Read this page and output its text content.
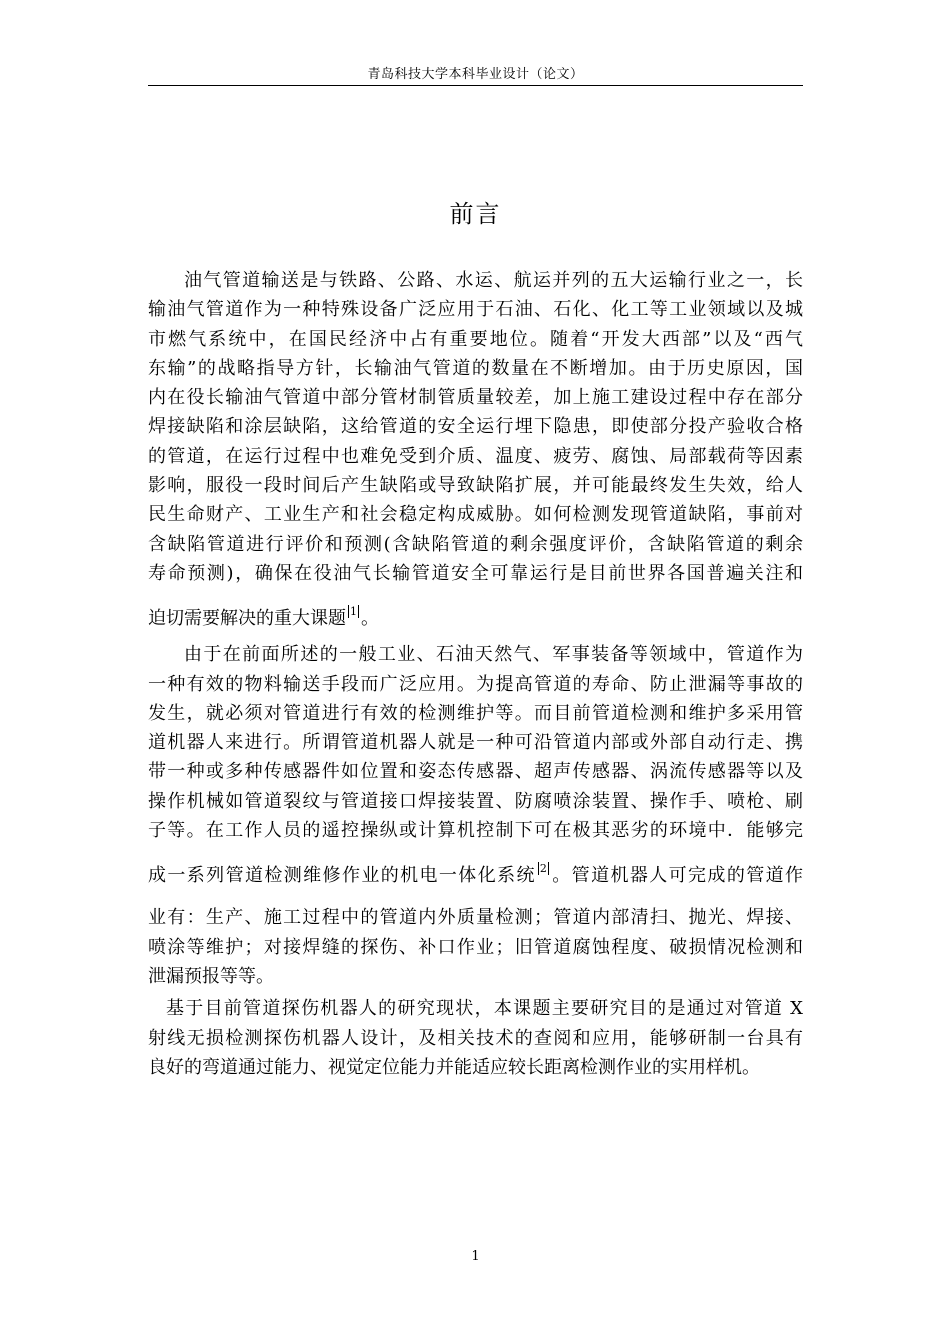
青岛科技大学本科毕业设计（论文）
前言

油气管道输送是与铁路、公路、水运、航运并列的五大运输行业之一，长
输油气管道作为一种特殊设备广泛应用于石油、石化、化工等工业领域以及城
市燃气系统中，在国民经济中占有重要地位。随着“开发大西部”以及“西气
东输”的战略指导方针，长输油气管道的数量在不断增加。由于历史原因，国
内在役长输油气管道中部分管材制管质量较差，加上施工建设过程中存在部分
焊接缺陷和涂层缺陷，这给管道的安全运行埋下隐患，即使部分投产验收合格
的管道，在运行过程中也难免受到介质、温度、疲劳、腐蚀、局部载荷等因素
影响，服役一段时间后产生缺陷或导致缺陷扩展，并可能最终发生失效，给人
民生命财产、工业生产和社会稳定构成威胁。如何检测发现管道缺陷，事前对
含缺陷管道进行评价和预测(含缺陷管道的剩余强度评价，含缺陷管道的剩余
寿命预测)，确保在役油气长输管道安全可靠运行是目前世界各国普遍关注和
迫切需要解决的重大课题 $^1$ 。

由于在前面所述的一般工业、石油天然气、军事装备等领域中，管道作为
一种有效的物料输送手段而广泛应用。为提高管道的寿命、防止泄漏等事故的
发生，就必须对管道进行有效的检测维护等。而目前管道检测和维护多采用管
道机器人来进行。所谓管道机器人就是一种可沿管道内部或外部自动行走、携
带一种或多种传感器件如位置和姿态传感器、超声传感器、涡流传感器等以及
操作机械如管道裂纹与管道接口焊接装置、防腐喷涂装置、操作手、喷枪、刷
子等。在工作人员的遥控操纵或计算机控制下可在极其恶劣的环境中．能够完
成一系列管道检测维修作业的机电一体化系统 $^2$ 。管道机器人可完成的管道作
业有：生产、施工过程中的管道内外质量检测；管道内部清扫、抛光、焊接、
喷涂等维护；对接焊缝的探伤、补口作业；旧管道腐蚀程度、破损情况检测和
泄漏预报等等。

基于目前管道探伤机器人的研究现状，本课题主要研究目的是通过对管道 X
射线无损检测探伤机器人设计，及相关技术的查阅和应用，能够研制一台具有
良好的弯道通过能力、视觉定位能力并能适应较长距离检测作业的实用样机。

1
